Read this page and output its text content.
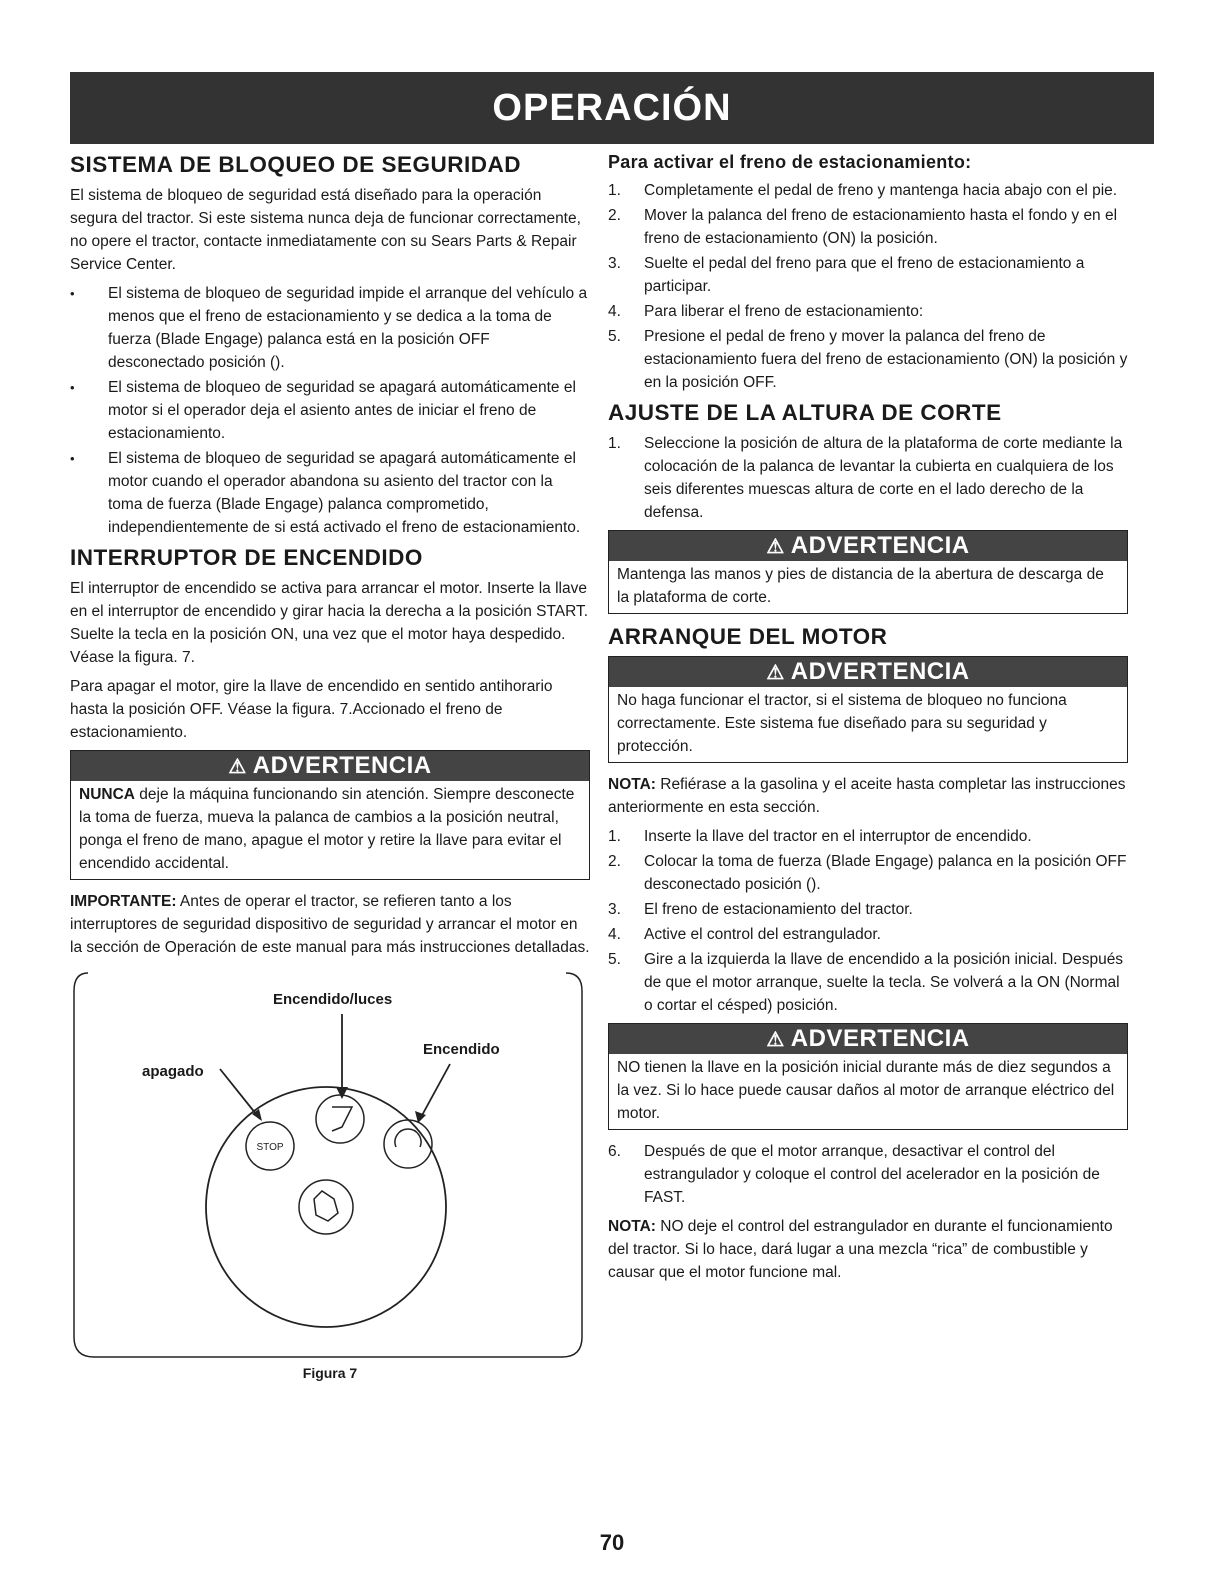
OPERACIÓN
SISTEMA DE BLOQUEO DE SEGURIDAD

El sistema de bloqueo de seguridad está diseñado para la operación segura del tractor. Si este sistema nunca deja de funcionar correctamente, no opere el tractor, contacte inmediatamente con su Sears Parts & Repair Service Center.

• El sistema de bloqueo de seguridad impide el arranque del vehículo a menos que el freno de estacionamiento y se dedica a la toma de fuerza (Blade Engage) palanca está en la posición OFF desconectado posición ().
• El sistema de bloqueo de seguridad se apagará automáticamente el motor si el operador deja el asiento antes de iniciar el freno de estacionamiento.
• El sistema de bloqueo de seguridad se apagará automáticamente el motor cuando el operador abandona su asiento del tractor con la toma de fuerza (Blade Engage) palanca comprometido, independientemente de si está activado el freno de estacionamiento.
INTERRUPTOR DE ENCENDIDO

El interruptor de encendido se activa para arrancar el motor. Inserte la llave en el interruptor de encendido y girar hacia la derecha a la posición START. Suelte la tecla en la posición ON, una vez que el motor haya despedido. Véase la figura. 7.

Para apagar el motor, gire la llave de encendido en sentido antihorario hasta la posición OFF. Véase la figura. 7.Accionado el freno de estacionamiento.

⚠ ADVERTENCIA
NUNCA deje la máquina funcionando sin atención. Siempre desconecte la toma de fuerza, mueva la palanca de cambios a la posición neutral, ponga el freno de mano, apague el motor y retire la llave para evitar el encendido accidental.

IMPORTANTE: Antes de operar el tractor, se refieren tanto a los interruptores de seguridad dispositivo de seguridad y arrancar el motor en la sección de Operación de este manual para más instrucciones detalladas.

STOP
Encendido/luces
Encendido
apagado
Figura 7
Para activar el freno de estacionamiento:
1. Completamente el pedal de freno y mantenga hacia abajo con el pie.
2. Mover la palanca del freno de estacionamiento hasta el fondo y en el freno de estacionamiento (ON) la posición.
3. Suelte el pedal del freno para que el freno de estacionamiento a participar.
4. Para liberar el freno de estacionamiento:
5. Presione el pedal de freno y mover la palanca del freno de estacionamiento fuera del freno de estacionamiento (ON) la posición y en la posición OFF.
AJUSTE DE LA ALTURA DE CORTE
1. Seleccione la posición de altura de la plataforma de corte mediante la colocación de la palanca de levantar la cubierta en cualquiera de los seis diferentes muescas altura de corte en el lado derecho de la defensa.
⚠ ADVERTENCIA
Mantenga las manos y pies de distancia de la abertura de descarga de la plataforma de corte.
ARRANQUE DEL MOTOR
⚠ ADVERTENCIA
No haga funcionar el tractor, si el sistema de bloqueo no funciona correctamente. Este sistema fue diseñado para su seguridad y protección.

NOTA: Refiérase a la gasolina y el aceite hasta completar las instrucciones anteriormente en esta sección.

1. Inserte la llave del tractor en el interruptor de encendido.
2. Colocar la toma de fuerza (Blade Engage) palanca en la posición OFF desconectado posición ().
3. El freno de estacionamiento del tractor.
4. Active el control del estrangulador.
5. Gire a la izquierda la llave de encendido a la posición inicial. Después de que el motor arranque, suelte la tecla. Se volverá a la ON (Normal o cortar el césped) posición.
⚠ ADVERTENCIA
NO tienen la llave en la posición inicial durante más de diez segundos a la vez. Si lo hace puede causar daños al motor de arranque eléctrico del motor.
6. Después de que el motor arranque, desactivar el control del estrangulador y coloque el control del acelerador en la posición de FAST.

NOTA: NO deje el control del estrangulador en durante el funcionamiento del tractor. Si lo hace, dará lugar a una mezcla “rica” de combustible y causar que el motor funcione mal.

70
